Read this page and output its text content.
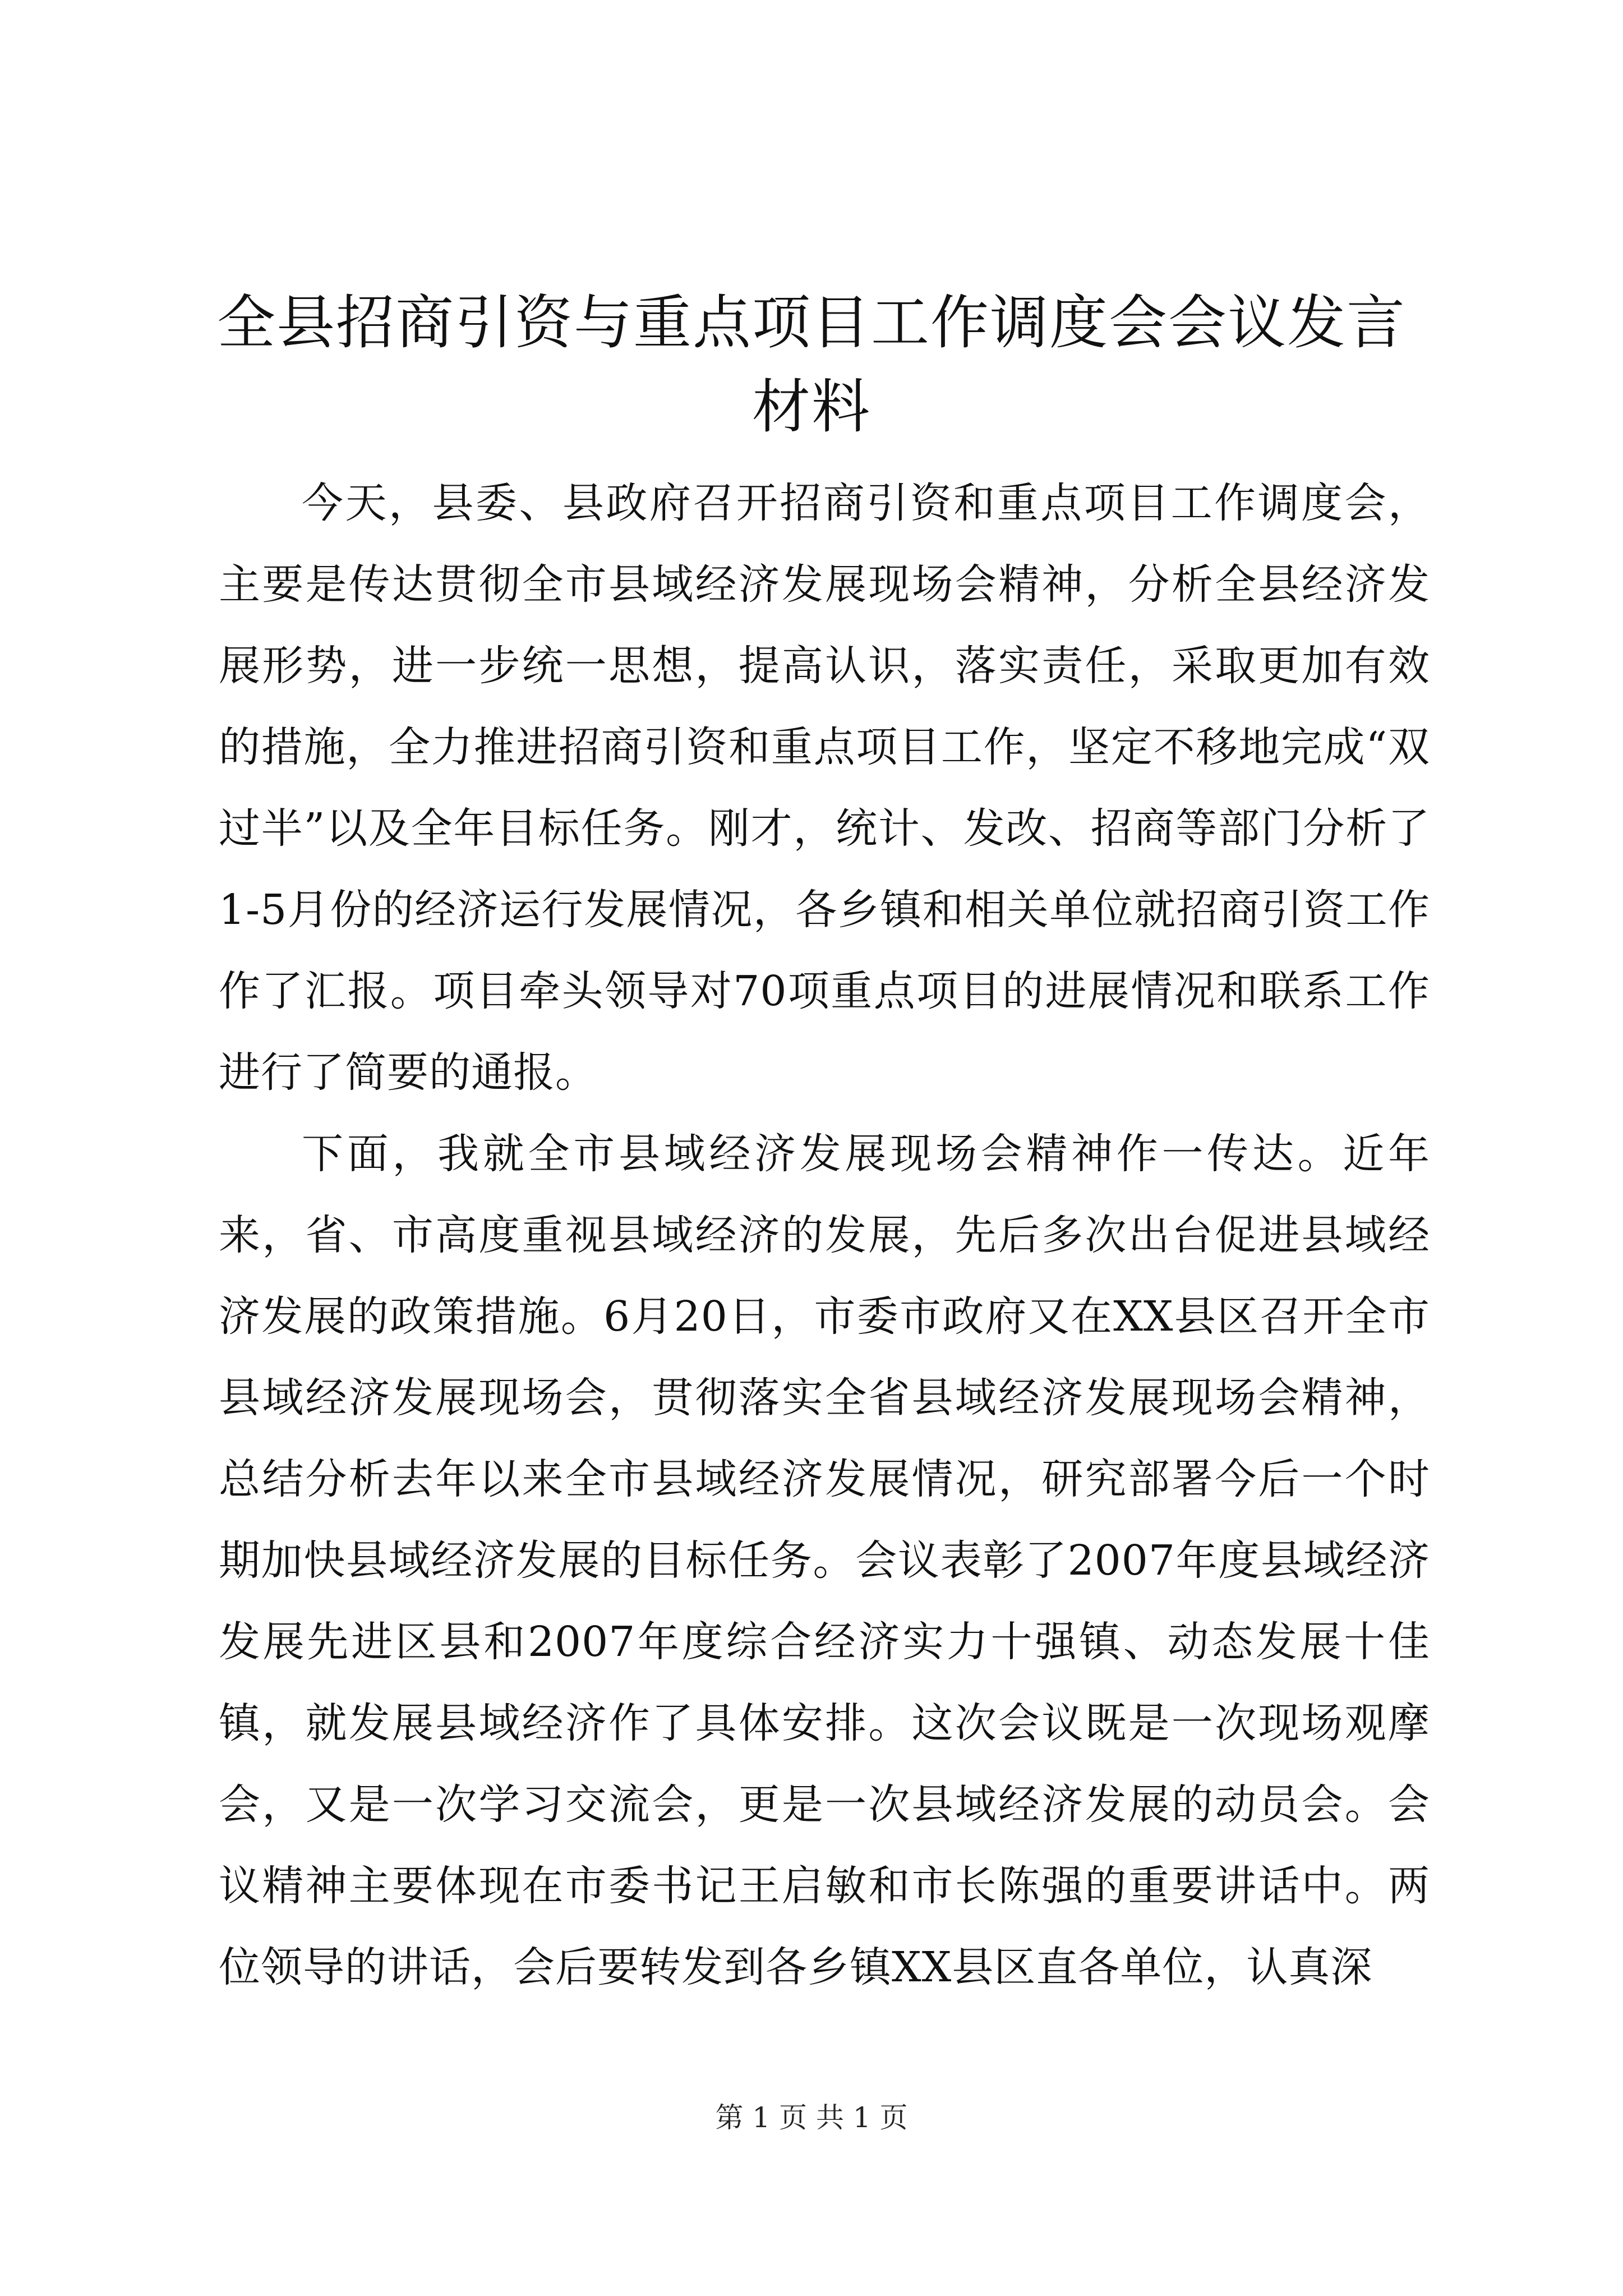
全县招商引资与重点项目工作调度会会议发言材料

今天，县委、县政府召开招商引资和重点项目工作调度会，主要是传达贯彻全市县域经济发展现场会精神，分析全县经济发展形势，进一步统一思想，提高认识，落实责任，采取更加有效的措施，全力推进招商引资和重点项目工作，坚定不移地完成“双过半”以及全年目标任务。刚才，统计、发改、招商等部门分析了1-5月份的经济运行发展情况，各乡镇和相关单位就招商引资工作作了汇报。项目牵头领导对70项重点项目的进展情况和联系工作进行了简要的通报。

下面，我就全市县域经济发展现场会精神作一传达。近年来，省、市高度重视县域经济的发展，先后多次出台促进县域经济发展的政策措施。6月20日，市委市政府又在XX县区召开全市县域经济发展现场会，贯彻落实全省县域经济发展现场会精神，总结分析去年以来全市县域经济发展情况，研究部署今后一个时期加快县域经济发展的目标任务。会议表彰了2007年度县域经济发展先进区县和2007年度综合经济实力十强镇、动态发展十佳镇，就发展县域经济作了具体安排。这次会议既是一次现场观摩会，又是一次学习交流会，更是一次县域经济发展的动员会。会议精神主要体现在市委书记王启敏和市长陈强的重要讲话中。两位领导的讲话，会后要转发到各乡镇XX县区直各单位，认真深

第 1 页 共 1 页
